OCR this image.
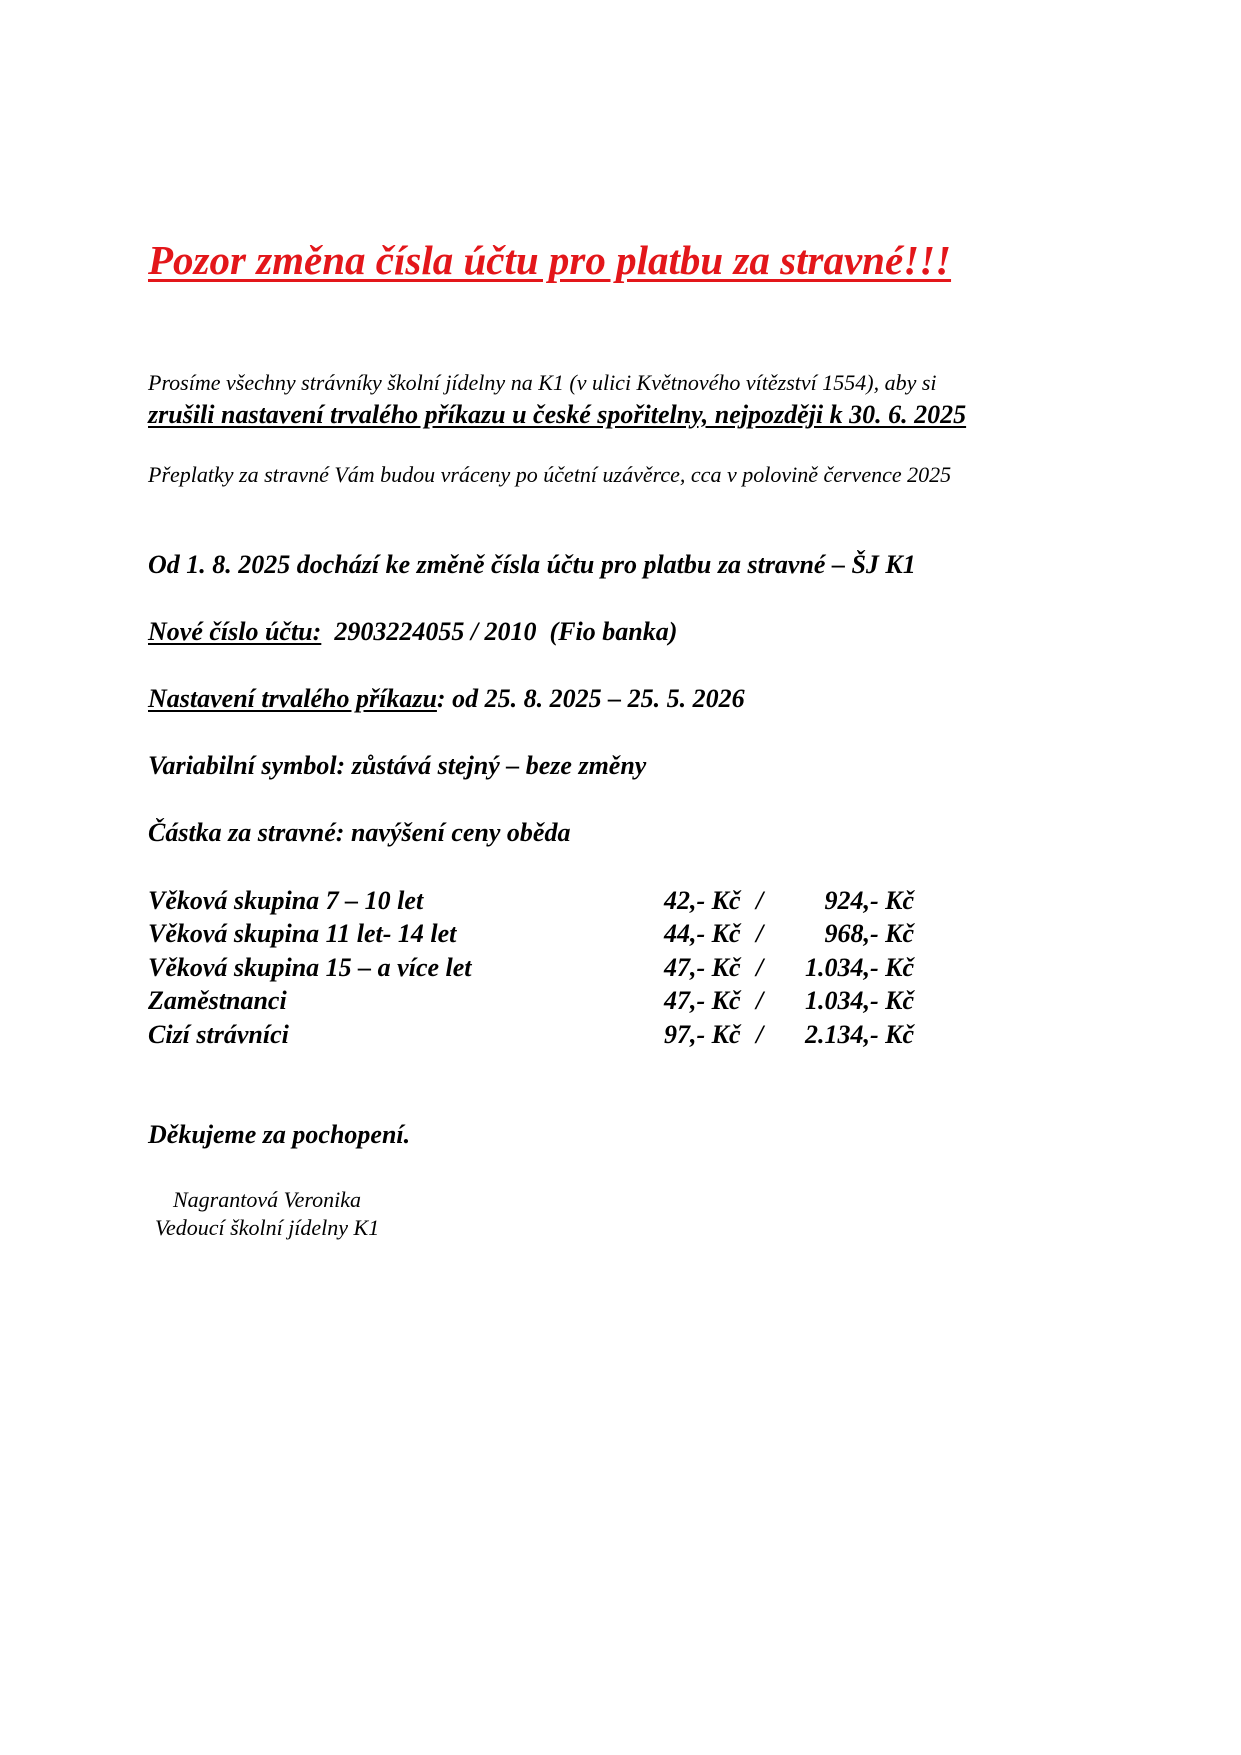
Pozor změna čísla účtu pro platbu za stravné!!!

Prosíme všechny strávníky školní jídelny na K1 (v ulici Květnového vítězství 1554), aby si

zrušili nastavení trvalého příkazu u české spořitelny, nejpozději k 30. 6. 2025

Přeplatky za stravné Vám budou vráceny po účetní uzávěrce, cca v polovině července 2025

Od 1. 8. 2025 dochází ke změně čísla účtu pro platbu za stravné – ŠJ K1

Nové číslo účtu:  2903224055 / 2010  (Fio banka)

Nastavení trvalého příkazu: od 25. 8. 2025 – 25. 5. 2026

Variabilní symbol: zůstává stejný – beze změny

Částka za stravné: navýšení ceny oběda

Věková skupina 7 – 10 let	42,- Kč / 924,- Kč
Věková skupina 11 let- 14 let	44,- Kč / 968,- Kč
Věková skupina 15 – a více let	47,- Kč / 1.034,- Kč
Zaměstnanci	47,- Kč / 1.034,- Kč
Cizí strávníci	97,- Kč / 2.134,- Kč

Děkujeme za pochopení.

Nagrantová Veronika

Vedoucí školní jídelny K1
